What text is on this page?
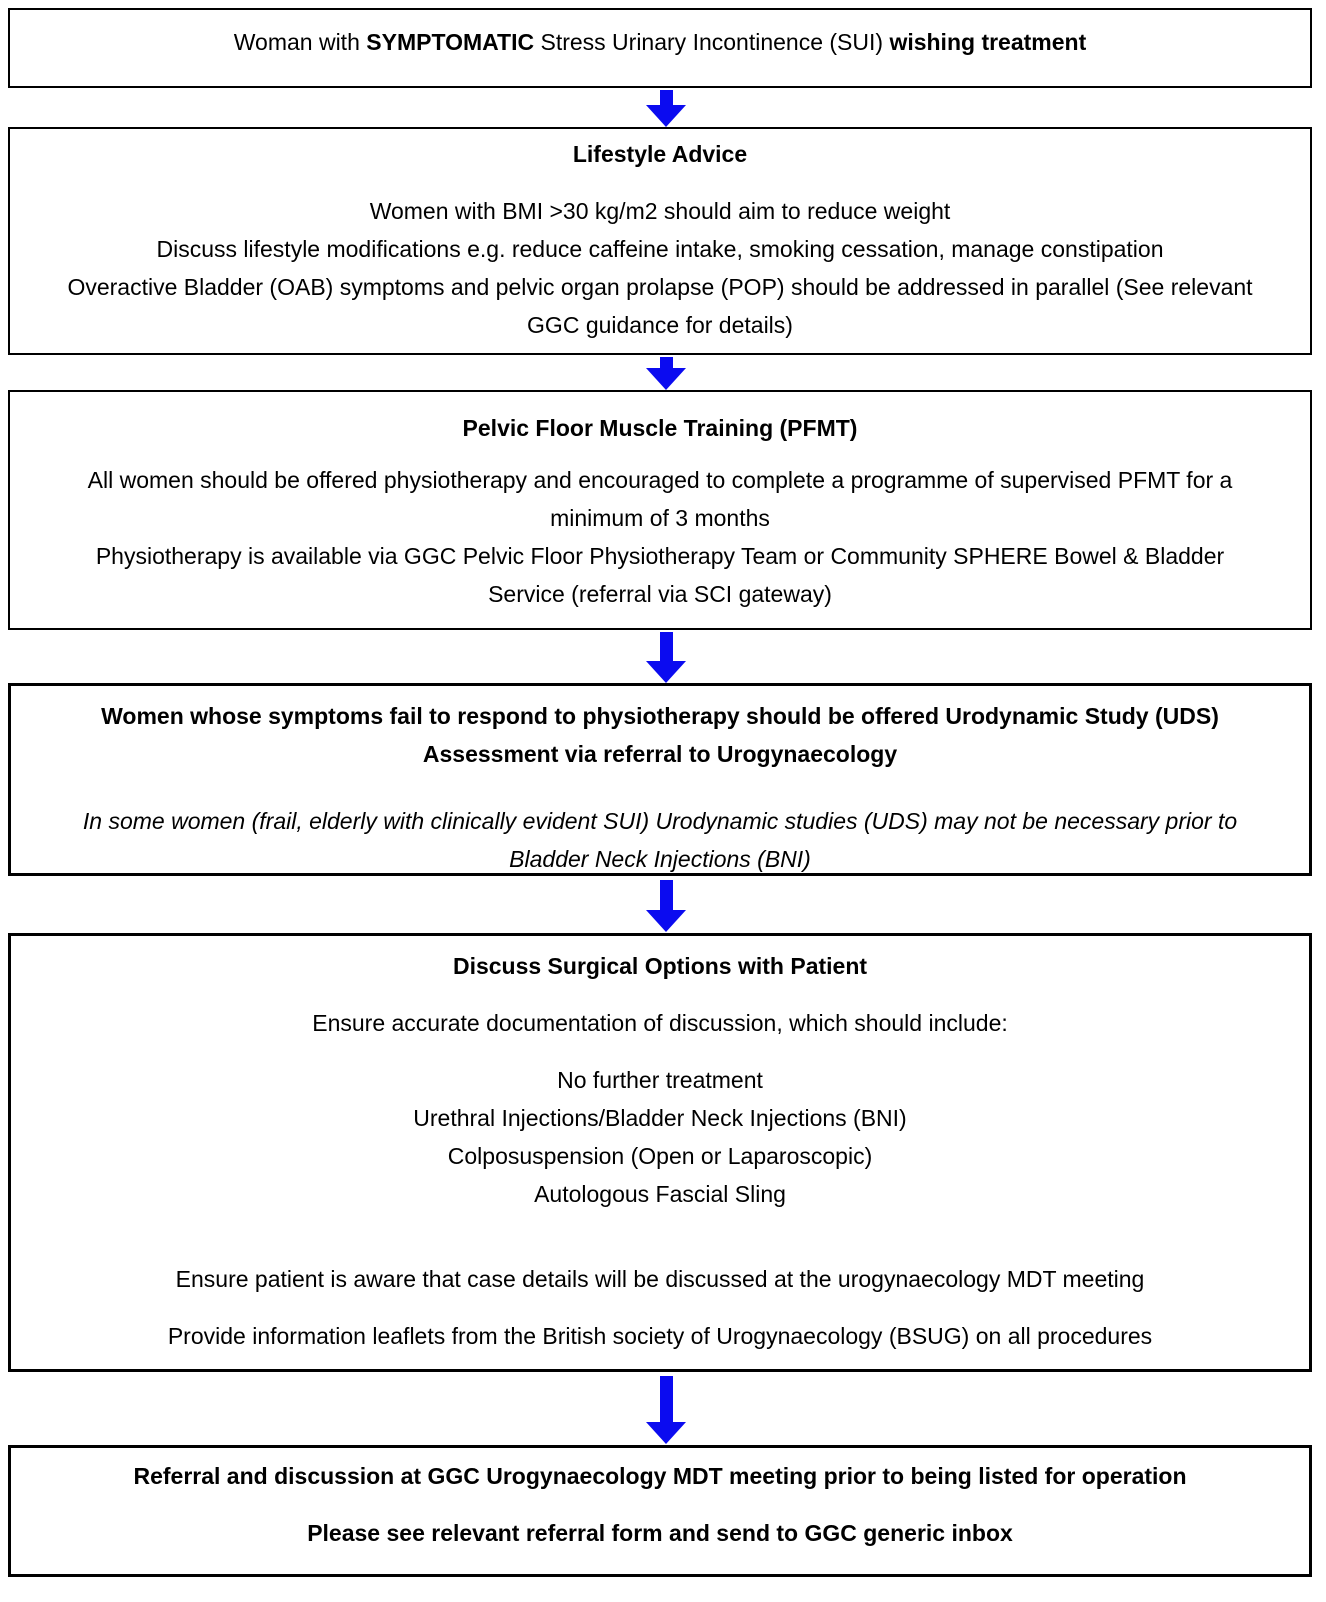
Woman with SYMPTOMATIC Stress Urinary Incontinence (SUI) wishing treatment
Lifestyle Advice
Women with BMI >30 kg/m2 should aim to reduce weight
Discuss lifestyle modifications e.g. reduce caffeine intake, smoking cessation, manage constipation
Overactive Bladder (OAB) symptoms and pelvic organ prolapse (POP) should be addressed in parallel (See relevant GGC guidance for details)
Pelvic Floor Muscle Training (PFMT)
All women should be offered physiotherapy and encouraged to complete a programme of supervised PFMT for a minimum of 3 months
Physiotherapy is available via GGC Pelvic Floor Physiotherapy Team or Community SPHERE Bowel & Bladder Service (referral via SCI gateway)
Women whose symptoms fail to respond to physiotherapy should be offered Urodynamic Study (UDS) Assessment via referral to Urogynaecology
In some women (frail, elderly with clinically evident SUI) Urodynamic studies (UDS) may not be necessary prior to Bladder Neck Injections (BNI)
Discuss Surgical Options with Patient
Ensure accurate documentation of discussion, which should include:
No further treatment
Urethral Injections/Bladder Neck Injections (BNI)
Colposuspension (Open or Laparoscopic)
Autologous Fascial Sling
Ensure patient is aware that case details will be discussed at the urogynaecology MDT meeting
Provide information leaflets from the British society of Urogynaecology (BSUG) on all procedures
Referral and discussion at GGC Urogynaecology MDT meeting prior to being listed for operation
Please see relevant referral form and send to GGC generic inbox
